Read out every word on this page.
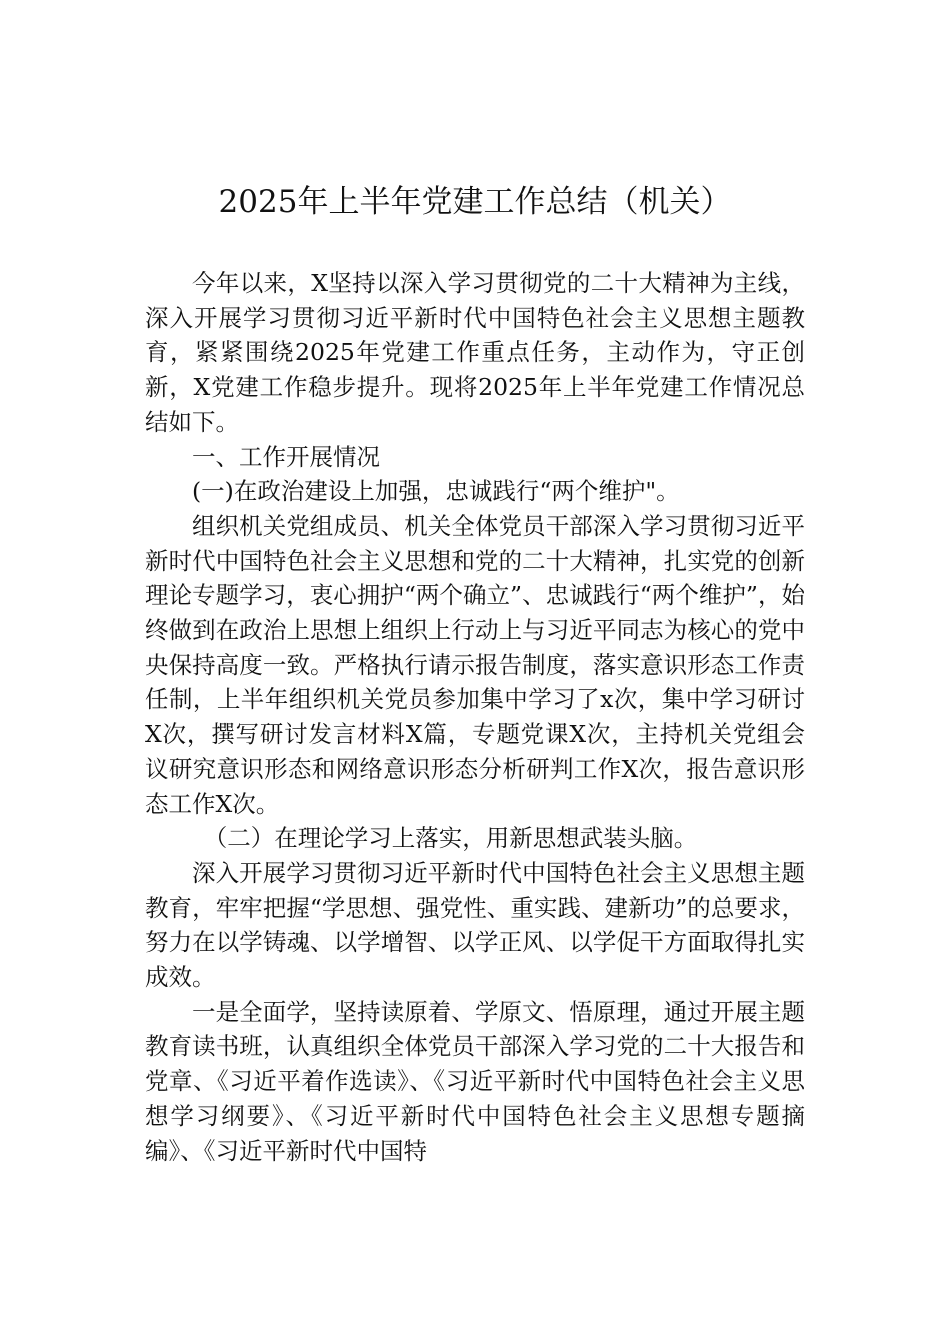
2025年上半年党建工作总结（机关）

今年以来，X坚持以深入学习贯彻党的二十大精神为主线，深入开展学习贯彻习近平新时代中国特色社会主义思想主题教育，紧紧围绕2025年党建工作重点任务，主动作为，守正创新，X党建工作稳步提升。现将2025年上半年党建工作情况总结如下。

一、工作开展情况

(一)在政治建设上加强，忠诚践行“两个维护"。

组织机关党组成员、机关全体党员干部深入学习贯彻习近平新时代中国特色社会主义思想和党的二十大精神，扎实党的创新理论专题学习，衷心拥护“两个确立”、忠诚践行“两个维护”，始终做到在政治上思想上组织上行动上与习近平同志为核心的党中央保持高度一致。严格执行请示报告制度，落实意识形态工作责任制，上半年组织机关党员参加集中学习了x次，集中学习研讨X次，撰写研讨发言材料X篇，专题党课X次，主持机关党组会议研究意识形态和网络意识形态分析研判工作X次，报告意识形态工作X次。

（二）在理论学习上落实，用新思想武装头脑。

深入开展学习贯彻习近平新时代中国特色社会主义思想主题教育，牢牢把握“学思想、强党性、重实践、建新功”的总要求，努力在以学铸魂、以学增智、以学正风、以学促干方面取得扎实成效。

一是全面学，坚持读原着、学原文、悟原理，通过开展主题教育读书班，认真组织全体党员干部深入学习党的二十大报告和党章、《习近平着作选读》、《习近平新时代中国特色社会主义思想学习纲要》、《习近平新时代中国特色社会主义思想专题摘编》、《习近平新时代中国特
